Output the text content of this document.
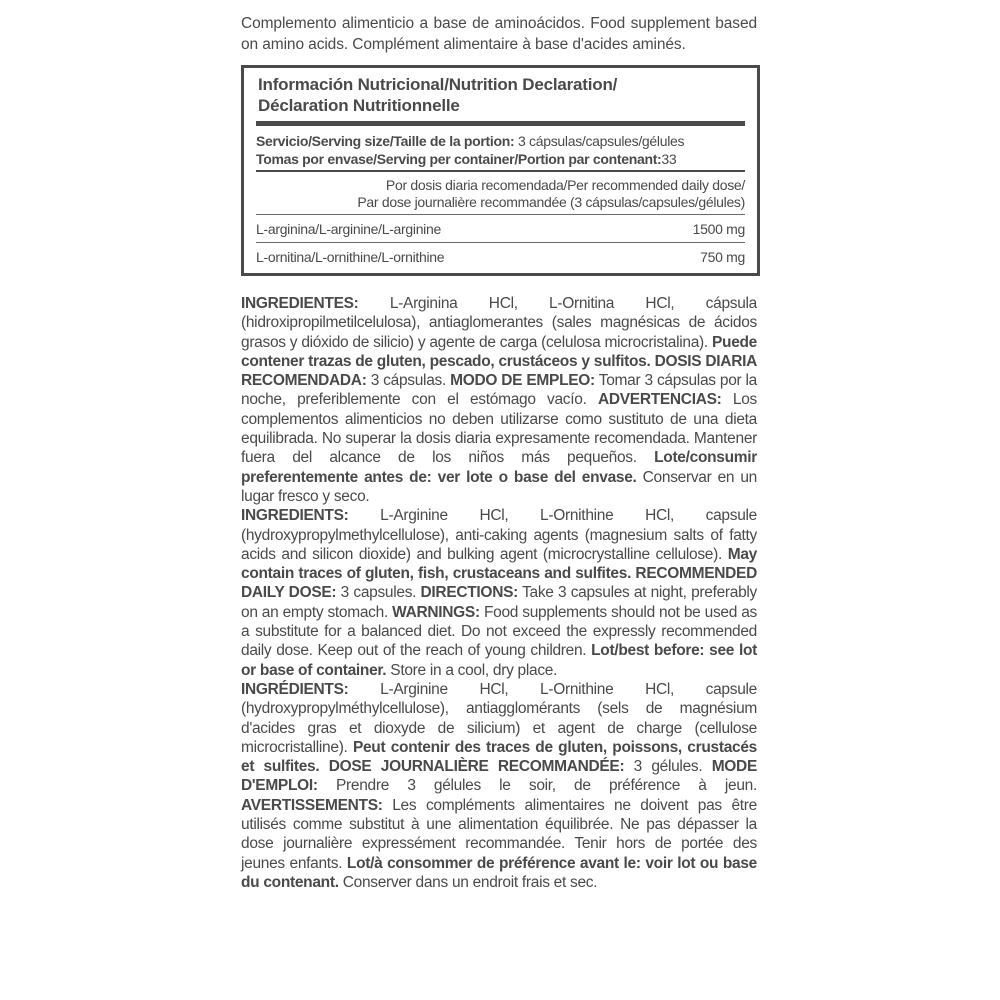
Complemento alimenticio a base de aminoácidos. Food supplement based on amino acids. Complément alimentaire à base d'acides aminés.

Información Nutricional/Nutrition Declaration/
Déclaration Nutritionnelle
Servicio/Serving size/Taille de la portion: 3 cápsulas/capsules/gélules
Tomas por envase/Serving per container/Portion par contenant:33
Por dosis diaria recomendada/Per recommended daily dose/
Par dose journalière recommandée (3 cápsulas/capsules/gélules)
L-arginina/L-arginine/L-arginine	1500 mg
L-ornitina/L-ornithine/L-ornithine	750 mg

INGREDIENTES: L-Arginina HCl, L-Ornitina HCl, cápsula (hidroxipropilmetilcelulosa), antiaglomerantes (sales magnésicas de ácidos grasos y dióxido de silicio) y agente de carga (celulosa microcristalina). Puede contener trazas de gluten, pescado, crustáceos y sulfitos. DOSIS DIARIA RECOMENDADA: 3 cápsulas. MODO DE EMPLEO: Tomar 3 cápsulas por la noche, preferiblemente con el estómago vacío. ADVERTENCIAS: Los complementos alimenticios no deben utilizarse como sustituto de una dieta equilibrada. No superar la dosis diaria expresamente recomendada. Mantener fuera del alcance de los niños más pequeños. Lote/consumir preferentemente antes de: ver lote o base del envase. Conservar en un lugar fresco y seco.

INGREDIENTS: L-Arginine HCl, L-Ornithine HCl, capsule (hydroxypropylmethylcellulose), anti-caking agents (magnesium salts of fatty acids and silicon dioxide) and bulking agent (microcrystalline cellulose). May contain traces of gluten, fish, crustaceans and sulfites. RECOMMENDED DAILY DOSE: 3 capsules. DIRECTIONS: Take 3 capsules at night, preferably on an empty stomach. WARNINGS: Food supplements should not be used as a substitute for a balanced diet. Do not exceed the expressly recommended daily dose. Keep out of the reach of young children. Lot/best before: see lot or base of container. Store in a cool, dry place.

INGRÉDIENTS: L-Arginine HCl, L-Ornithine HCl, capsule (hydroxypropylméthylcellulose), antiagglomérants (sels de magnésium d'acides gras et dioxyde de silicium) et agent de charge (cellulose microcristalline). Peut contenir des traces de gluten, poissons, crustacés et sulfites. DOSE JOURNALIÈRE RECOMMANDÉE: 3 gélules. MODE D'EMPLOI: Prendre 3 gélules le soir, de préférence à jeun. AVERTISSEMENTS: Les compléments alimentaires ne doivent pas être utilisés comme substitut à une alimentation équilibrée. Ne pas dépasser la dose journalière expressément recommandée. Tenir hors de portée des jeunes enfants. Lot/à consommer de préférence avant le: voir lot ou base du contenant. Conserver dans un endroit frais et sec.
